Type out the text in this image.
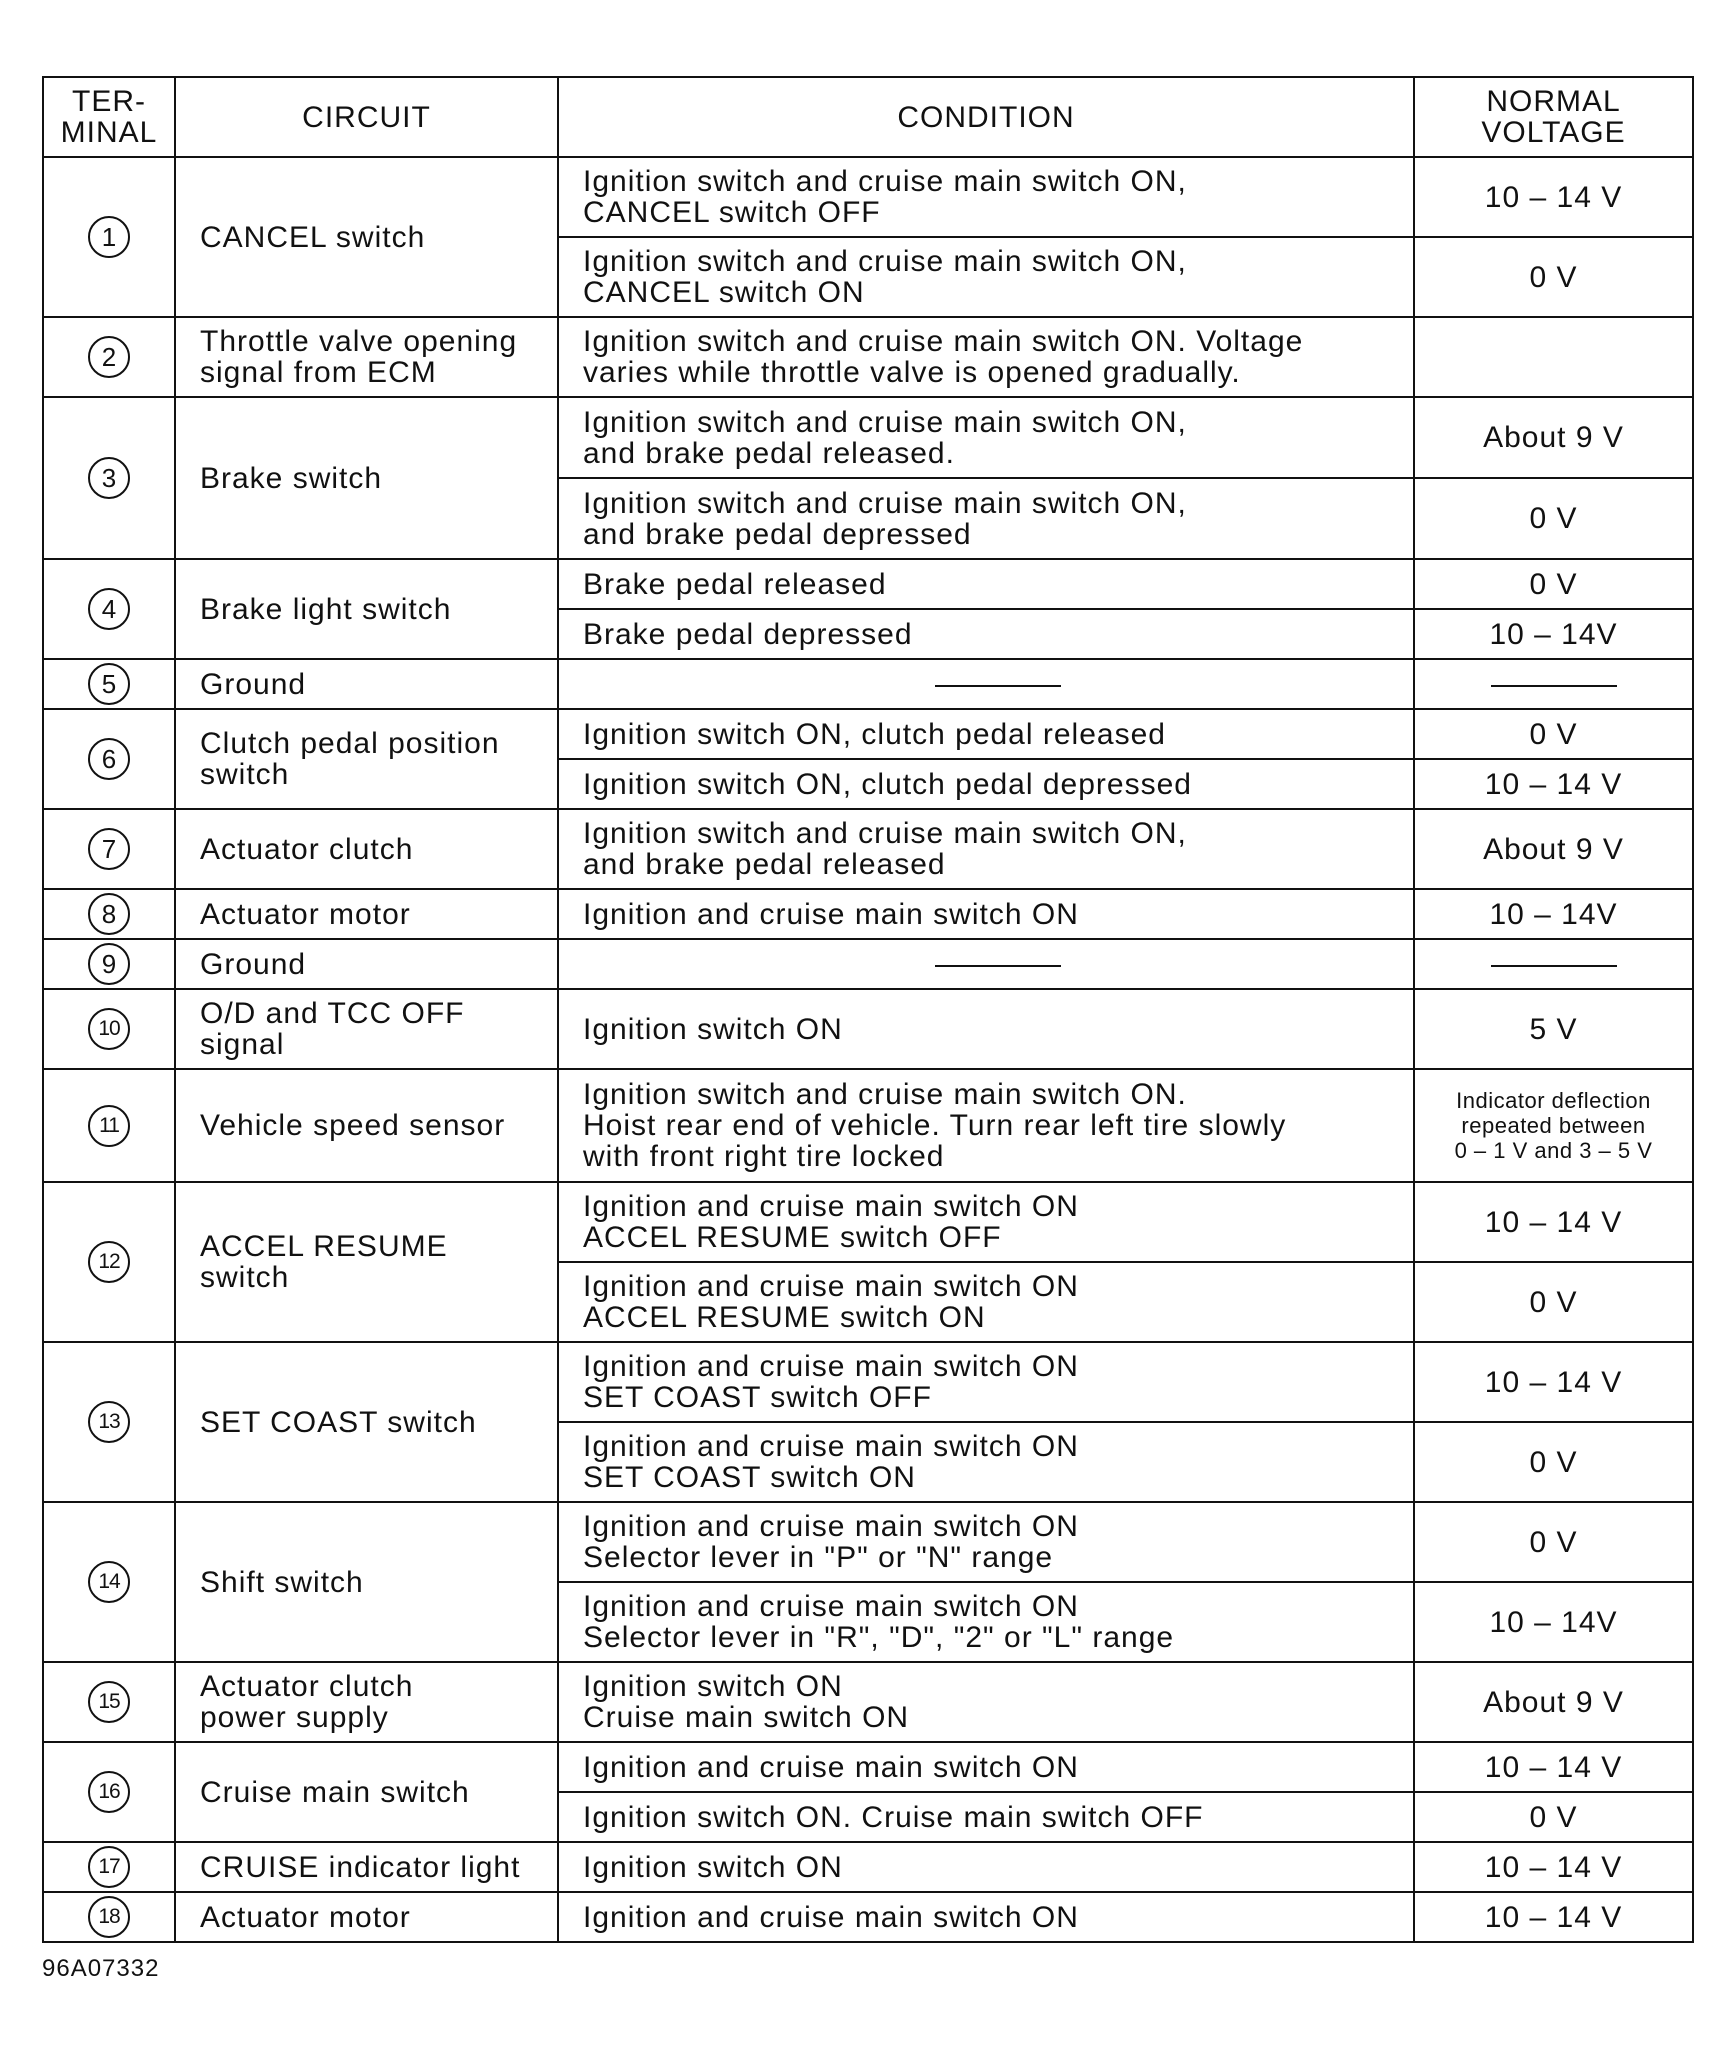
TER-
MINAL	CIRCUIT	CONDITION	NORMAL
VOLTAGE
1	CANCEL switch	Ignition switch and cruise main switch ON,
CANCEL switch OFF	10 – 14 V
		Ignition switch and cruise main switch ON,
CANCEL switch ON	0 V
2	Throttle valve opening
signal from ECM	Ignition switch and cruise main switch ON. Voltage
varies while throttle valve is opened gradually.	
3	Brake switch	Ignition switch and cruise main switch ON,
and brake pedal released.	About 9 V
		Ignition switch and cruise main switch ON,
and brake pedal depressed	0 V
4	Brake light switch	Brake pedal released	0 V
		Brake pedal depressed	10 – 14V
5	Ground		
6	Clutch pedal position
switch	Ignition switch ON, clutch pedal released	0 V
		Ignition switch ON, clutch pedal depressed	10 – 14 V
7	Actuator clutch	Ignition switch and cruise main switch ON,
and brake pedal released	About 9 V
8	Actuator motor	Ignition and cruise main switch ON	10 – 14V
9	Ground		
10	O/D and TCC OFF
signal	Ignition switch ON	5 V
11	Vehicle speed sensor	Ignition switch and cruise main switch ON.
Hoist rear end of vehicle. Turn rear left tire slowly
with front right tire locked	Indicator deflection
repeated between
0 – 1 V and 3 – 5 V
12	ACCEL RESUME
switch	Ignition and cruise main switch ON
ACCEL RESUME switch OFF	10 – 14 V
		Ignition and cruise main switch ON
ACCEL RESUME switch ON	0 V
13	SET COAST switch	Ignition and cruise main switch ON
SET COAST switch OFF	10 – 14 V
		Ignition and cruise main switch ON
SET COAST switch ON	0 V
14	Shift switch	Ignition and cruise main switch ON
Selector lever in "P" or "N" range	0 V
		Ignition and cruise main switch ON
Selector lever in "R", "D", "2" or "L" range	10 – 14V
15	Actuator clutch
power supply	Ignition switch ON
Cruise main switch ON	About 9 V
16	Cruise main switch	Ignition and cruise main switch ON	10 – 14 V
		Ignition switch ON. Cruise main switch OFF	0 V
17	CRUISE indicator light	Ignition switch ON	10 – 14 V
18	Actuator motor	Ignition and cruise main switch ON	10 – 14 V
96A07332
